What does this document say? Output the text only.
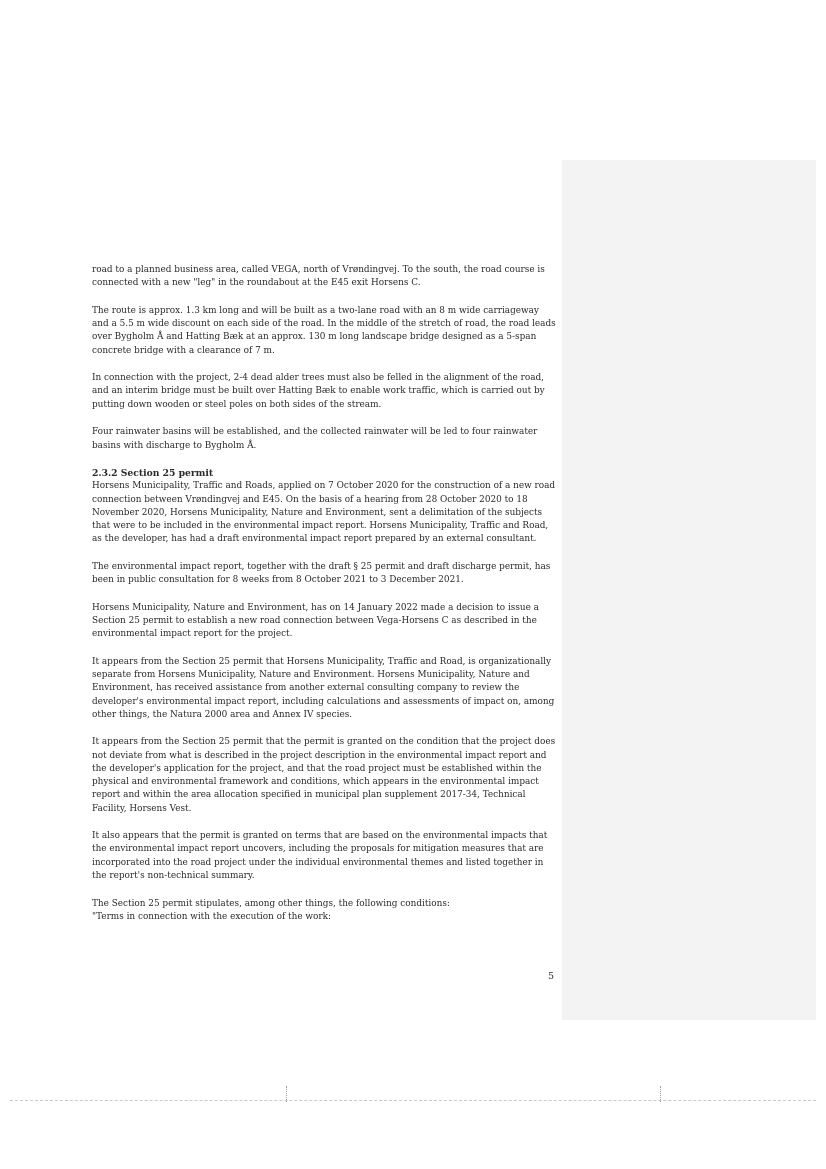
road to a planned business area, called VEGA, north of Vrøndingvej. To the south, the road course is connected with a new "leg" in the roundabout at the E45 exit Horsens C.

The route is approx. 1.3 km long and will be built as a two-lane road with an 8 m wide carriageway and a 5.5 m wide discount on each side of the road. In the middle of the stretch of road, the road leads over Bygholm Å and Hatting Bæk at an approx. 130 m long landscape bridge designed as a 5-span concrete bridge with a clearance of 7 m.

In connection with the project, 2-4 dead alder trees must also be felled in the alignment of the road, and an interim bridge must be built over Hatting Bæk to enable work traffic, which is carried out by putting down wooden or steel poles on both sides of the stream.

Four rainwater basins will be established, and the collected rainwater will be led to four rainwater basins with discharge to Bygholm Å.

2.3.2 Section 25 permit

Horsens Municipality, Traffic and Roads, applied on 7 October 2020 for the construction of a new road connection between Vrøndingvej and E45. On the basis of a hearing from 28 October 2020 to 18 November 2020, Horsens Municipality, Nature and Environment, sent a delimitation of the subjects that were to be included in the environmental impact report. Horsens Municipality, Traffic and Road, as the developer, has had a draft environmental impact report prepared by an external consultant.

The environmental impact report, together with the draft § 25 permit and draft discharge permit, has been in public consultation for 8 weeks from 8 October 2021 to 3 December 2021.

Horsens Municipality, Nature and Environment, has on 14 January 2022 made a decision to issue a Section 25 permit to establish a new road connection between Vega-Horsens C as described in the environmental impact report for the project.

It appears from the Section 25 permit that Horsens Municipality, Traffic and Road, is organizationally separate from Horsens Municipality, Nature and Environment. Horsens Municipality, Nature and Environment, has received assistance from another external consulting company to review the developer's environmental impact report, including calculations and assessments of impact on, among other things, the Natura 2000 area and Annex IV species.

It appears from the Section 25 permit that the permit is granted on the condition that the project does not deviate from what is described in the project description in the environmental impact report and the developer's application for the project, and that the road project must be established within the physical and environmental framework and conditions, which appears in the environmental impact report and within the area allocation specified in municipal plan supplement 2017-34, Technical Facility, Horsens Vest.

It also appears that the permit is granted on terms that are based on the environmental impacts that the environmental impact report uncovers, including the proposals for mitigation measures that are incorporated into the road project under the individual environmental themes and listed together in the report's non-technical summary.

The Section 25 permit stipulates, among other things, the following conditions:

"Terms in connection with the execution of the work:

5
